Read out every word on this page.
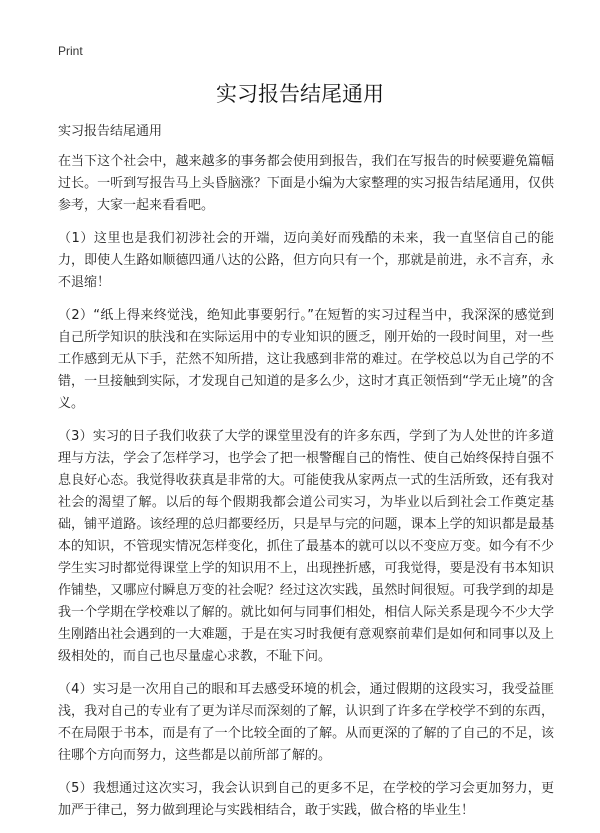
Print
实习报告结尾通用

实习报告结尾通用

在当下这个社会中，越来越多的事务都会使用到报告，我们在写报告的时候要避免篇幅过长。一听到写报告马上头昏脑涨？下面是小编为大家整理的实习报告结尾通用，仅供参考，大家一起来看看吧。

（1）这里也是我们初涉社会的开端，迈向美好而残酷的未来，我一直坚信自己的能力，即使人生路如顺德四通八达的公路，但方向只有一个，那就是前进，永不言弃，永不退缩！

（2）“纸上得来终觉浅，绝知此事要躬行。”在短暂的实习过程当中，我深深的感觉到自己所学知识的肤浅和在实际运用中的专业知识的匮乏，刚开始的一段时间里，对一些工作感到无从下手，茫然不知所措，这让我感到非常的难过。在学校总以为自己学的不错，一旦接触到实际，才发现自己知道的是多么少，这时才真正领悟到“学无止境”的含义。

（3）实习的日子我们收获了大学的课堂里没有的许多东西，学到了为人处世的许多道理与方法，学会了怎样学习，也学会了把一根警醒自己的惰性、使自己始终保持自强不息良好心态。我觉得收获真是非常的大。可能使我从家两点一式的生活所致，还有我对社会的渴望了解。以后的每个假期我都会道公司实习，为毕业以后到社会工作奠定基础，铺平道路。该经理的总归都要经历，只是早与完的问题，课本上学的知识都是最基本的知识，不管现实情况怎样变化，抓住了最基本的就可以以不变应万变。如今有不少学生实习时都觉得课堂上学的知识用不上，出现挫折感，可我觉得，要是没有书本知识作铺垫，又哪应付瞬息万变的社会呢？经过这次实践，虽然时间很短。可我学到的却是我一个学期在学校难以了解的。就比如何与同事们相处，相信人际关系是现今不少大学生刚踏出社会遇到的一大难题，于是在实习时我便有意观察前辈们是如何和同事以及上级相处的，而自己也尽量虚心求教，不耻下问。

（4）实习是一次用自己的眼和耳去感受环境的机会，通过假期的这段实习，我受益匪浅，我对自己的专业有了更为详尽而深刻的了解，认识到了许多在学校学不到的东西，不在局限于书本，而是有了一个比较全面的了解。从而更深的了解的了自己的不足，该往哪个方向而努力，这些都是以前所部了解的。

（5）我想通过这次实习，我会认识到自己的更多不足，在学校的学习会更加努力，更加严于律己，努力做到理论与实践相结合，敢于实践，做合格的毕业生！
